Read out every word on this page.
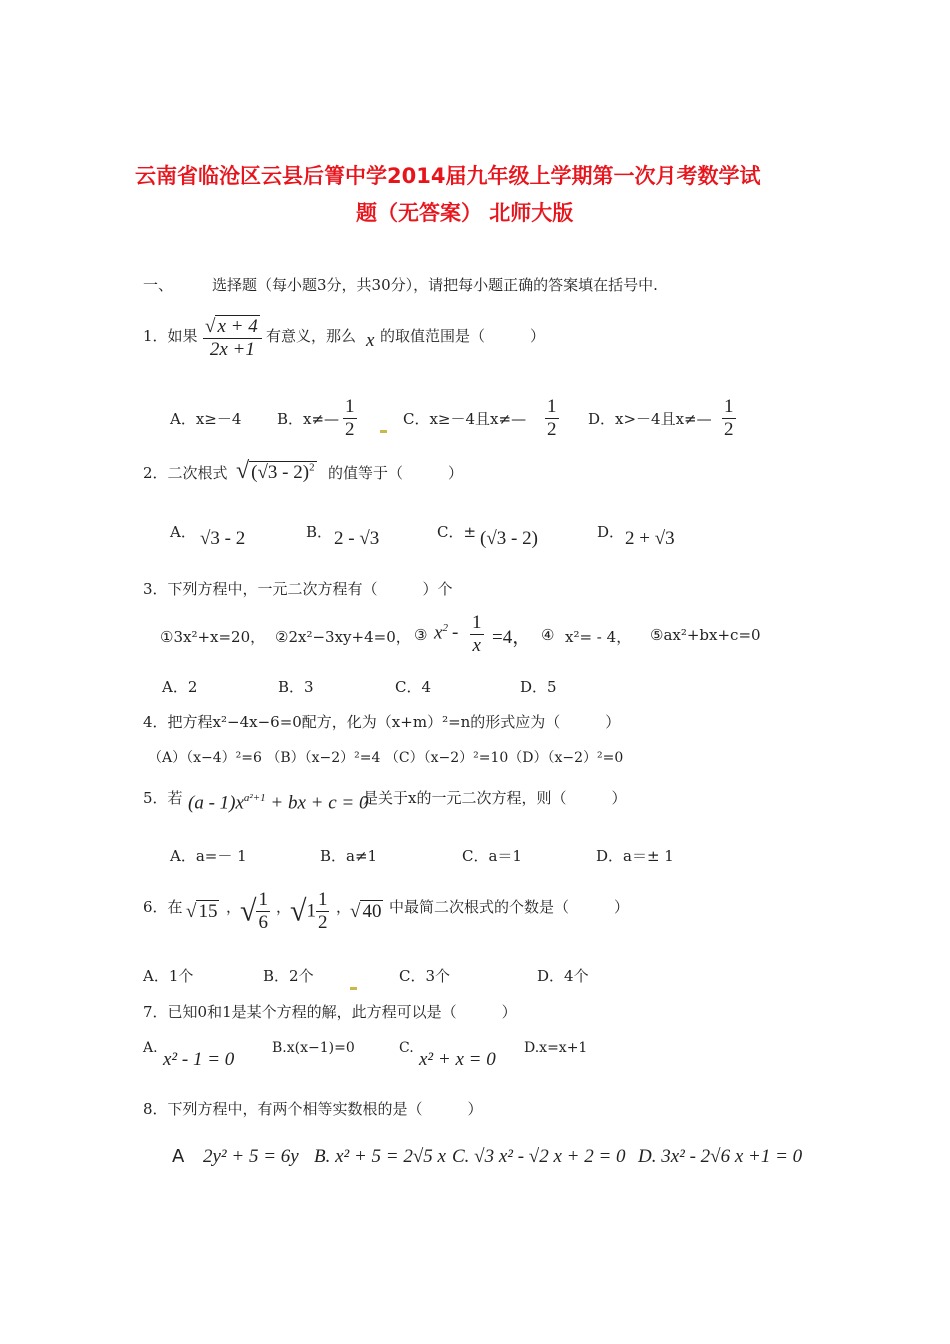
云南省临沧区云县后箐中学2014届九年级上学期第一次月考数学试
题（无答案） 北师大版
一、	选择题（每小题3分，共30分），请把每小题正确的答案填在括号中.
1．如果 $\frac{√ x + 4}{2x +1}$ 有意义，那么 x 的取值范围是（　　　）
A．x≥－4 B．x≠— $\frac{1}{2}$	C．x≥－4且x≠— $\frac{1}{2}$ D．x>－4且x≠— $\frac{1}{2}$
2．二次根式 √ (√3 - 2)$^2$ 的值等于（　　　）
A． √3 - 2	B． 2 - √3	C．± (√3 - 2)	D． 2 + √3
3．下列方程中，一元二次方程有（　　　）个
①3x²+x=20， ②2x²−3xy+4=0， ③ $x^2 - \frac{1}{x} =4$， ④ x²= - 4， ⑤ax²+bx+c=0
A．2	B．3	C．4	D．5
4．把方程x²−4x−6=0配方，化为（x+m）²=n的形式应为（　　　）
（A）（x−4）²=6 （B）（x−2）²=4 （C）（x−2）²=10（D）（x−2）²=0
5．若 $(a - 1)x^{a^2+1}$ + bx + c = 0
是关于x的一元二次方程，则（　　　）
A．a=－ 1	B．a≠1	C．a＝1	D．a＝± 1
6．在 √ 15 ，
√ $\frac{1}{6}$ ，
$√1 \frac{1}{2}$ ，
√ 40 中最简二次根式的个数是（　　　）
A．1个	B．2个	C．3个	D．4个
7．已知0和1是某个方程的解，此方程可以是（　　　）
A.
x² - 1 = 0
B.x(x−1)=0	C.
x² + x = 0
D.x=x+1
8．下列方程中，有两个相等实数根的是（　　　）
A 2y² + 5 = 6y B. x² + 5 = 2√5 x C. √3 x² - √2 x + 2 = 0 D. 3x² - 2√6 x +1 = 0
